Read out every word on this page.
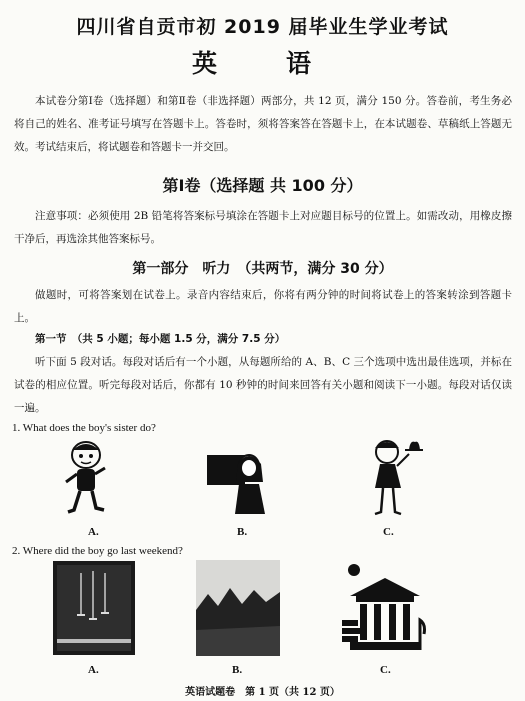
四川省自贡市初 2019 届毕业生学业考试
英　语
本试卷分第Ⅰ卷（选择题）和第Ⅱ卷（非选择题）两部分，共 12 页，满分 150 分。答卷前，考生务必将自己的姓名、准考证号填写在答题卡上。答卷时，须将答案答在答题卡上，在本试题卷、草稿纸上答题无效。考试结束后，将试题卷和答题卡一并交回。
第Ⅰ卷（选择题 共 100 分）
注意事项：必须使用 2B 铅笔将答案标号填涂在答题卡上对应题目标号的位置上。如需改动，用橡皮擦干净后，再选涂其他答案标号。
第一部分　听力　（共两节，满分 30 分）
做题时，可将答案划在试卷上。录音内容结束后，你将有两分钟的时间将试卷上的答案转涂到答题卡上。
第一节　（共 5 小题；每小题 1.5 分，满分 7.5 分）
听下面 5 段对话。每段对话后有一个小题，从每题所给的 A、B、C 三个选项中选出最佳选项，并标在试卷的相应位置。听完每段对话后，你都有 10 秒钟的时间来回答有关小题和阅读下一小题。每段对话仅读一遍。
1. What does the boy's sister do?
A.	B.	C.
2. Where did the boy go last weekend?
A.	B.	C.
英语试题卷　第 1 页（共 12 页）
